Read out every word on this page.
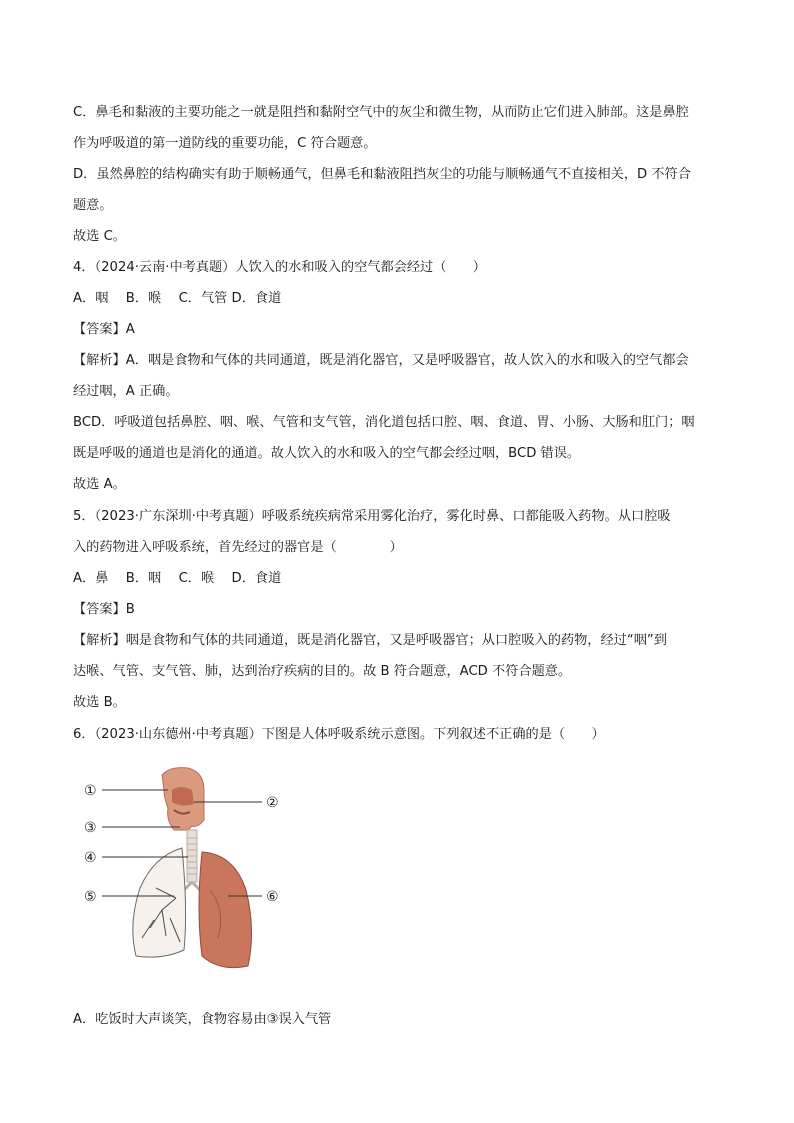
C．鼻毛和黏液的主要功能之一就是阻挡和黏附空气中的灰尘和微生物，从而防止它们进入肺部。这是鼻腔
作为呼吸道的第一道防线的重要功能，C 符合题意。
D．虽然鼻腔的结构确实有助于顺畅通气，但鼻毛和黏液阻挡灰尘的功能与顺畅通气不直接相关，D 不符合
题意。
故选 C。
4．（2024·云南·中考真题）人饮入的水和吸入的空气都会经过（　　）
A．咽　 B．喉　 C．气管 D．食道
【答案】A
【解析】A．咽是食物和气体的共同通道，既是消化器官，又是呼吸器官，故人饮入的水和吸入的空气都会
经过咽，A 正确。
BCD．呼吸道包括鼻腔、咽、喉、气管和支气管，消化道包括口腔、咽、食道、胃、小肠、大肠和肛门；咽
既是呼吸的通道也是消化的通道。故人饮入的水和吸入的空气都会经过咽，BCD 错误。
故选 A。
5．（2023·广东深圳·中考真题）呼吸系统疾病常采用雾化治疗，雾化时鼻、口都能吸入药物。从口腔吸
入的药物进入呼吸系统，首先经过的器官是（　　　　）
A．鼻　 B．咽　 C．喉　 D．食道
【答案】B
【解析】咽是食物和气体的共同通道，既是消化器官，又是呼吸器官；从口腔吸入的药物，经过“咽”到
达喉、气管、支气管、肺，达到治疗疾病的目的。故 B 符合题意，ACD 不符合题意。
故选 B。
6．（2023·山东德州·中考真题）下图是人体呼吸系统示意图。下列叙述不正确的是（　　）
①
②
③
④
⑤	⑥
A．吃饭时大声谈笑，食物容易由③误入气管
